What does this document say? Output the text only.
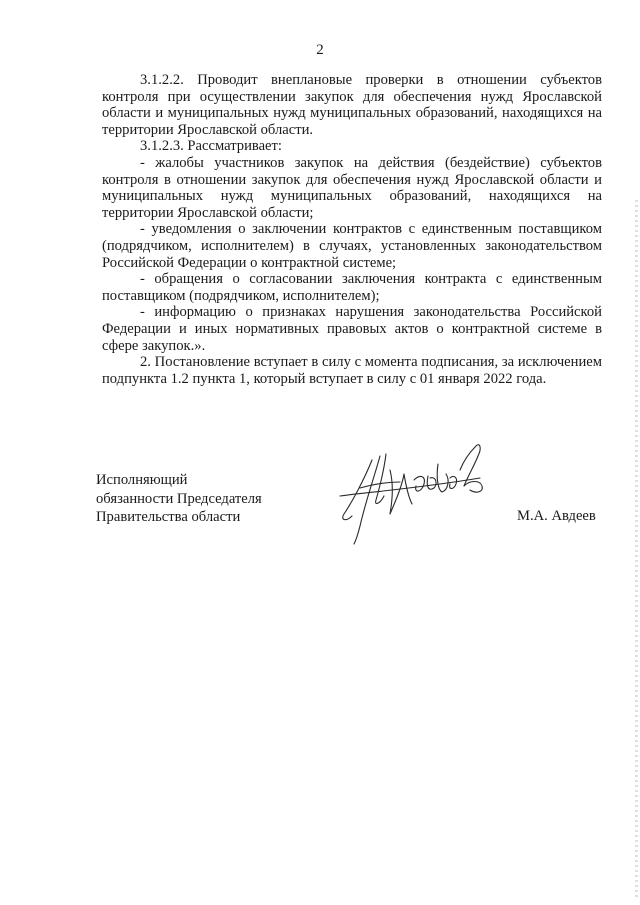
2

3.1.2.2. Проводит внеплановые проверки в отношении субъектов контроля при осуществлении закупок для обеспечения нужд Ярославской области и муниципальных нужд муниципальных образований, находящихся на территории Ярославской области.

3.1.2.3. Рассматривает:

- жалобы участников закупок на действия (бездействие) субъектов контроля в отношении закупок для обеспечения нужд Ярославской области и муниципальных нужд муниципальных образований, находящихся на территории Ярославской области;

- уведомления о заключении контрактов с единственным поставщиком (подрядчиком, исполнителем) в случаях, установленных законодательством Российской Федерации о контрактной системе;

- обращения о согласовании заключения контракта с единственным поставщиком (подрядчиком, исполнителем);

- информацию о признаках нарушения законодательства Российской Федерации и иных нормативных правовых актов о контрактной системе в сфере закупок.».

2. Постановление вступает в силу с момента подписания, за исключением подпункта 1.2 пункта 1, который вступает в силу с 01 января 2022 года.

Исполняющий
обязанности Председателя
Правительства области	М.А. Авдеев
